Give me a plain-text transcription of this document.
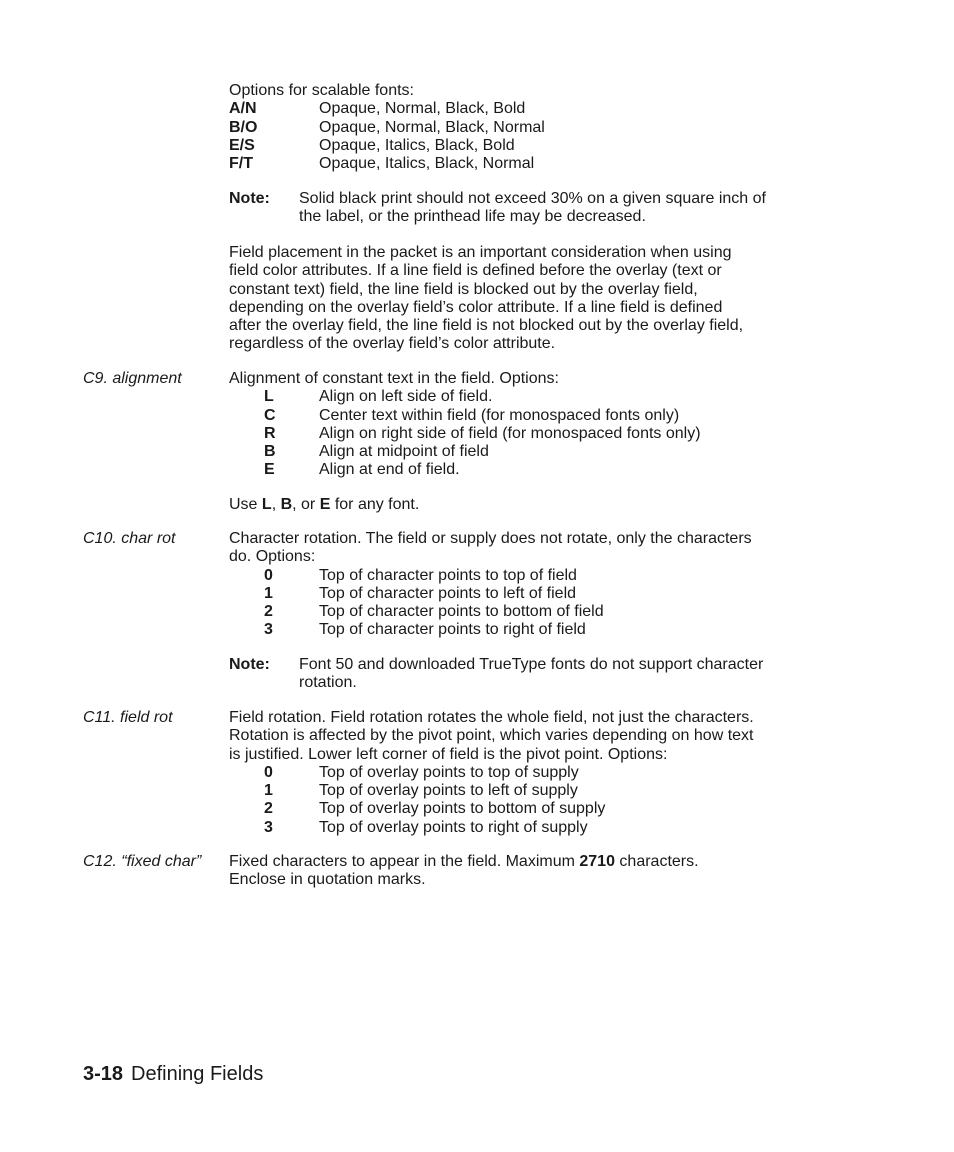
Options for scalable fonts:
A/N	Opaque, Normal, Black, Bold
B/O	Opaque, Normal, Black, Normal
E/S	Opaque, Italics, Black, Bold
F/T	Opaque, Italics, Black, Normal
Note:	Solid black print should not exceed 30% on a given square inch of
the label, or the printhead life may be decreased.
Field placement in the packet is an important consideration when using
field color attributes. If a line field is defined before the overlay (text or
constant text) field, the line field is blocked out by the overlay field,
depending on the overlay field’s color attribute. If a line field is defined
after the overlay field, the line field is not blocked out by the overlay field,
regardless of the overlay field’s color attribute.
C9. alignment	Alignment of constant text in the field. Options:
L	Align on left side of field.
C	Center text within field (for monospaced fonts only)
R	Align on right side of field (for monospaced fonts only)
B	Align at midpoint of field
E	Align at end of field.
Use L, B, or E for any font.
C10. char rot	Character rotation. The field or supply does not rotate, only the characters
do. Options:
0	Top of character points to top of field
1	Top of character points to left of field
2	Top of character points to bottom of field
3	Top of character points to right of field
Note:	Font 50 and downloaded TrueType fonts do not support character
rotation.
C11. field rot	Field rotation. Field rotation rotates the whole field, not just the characters.
Rotation is affected by the pivot point, which varies depending on how text
is justified. Lower left corner of field is the pivot point. Options:
0	Top of overlay points to top of supply
1	Top of overlay points to left of supply
2	Top of overlay points to bottom of supply
3	Top of overlay points to right of supply
C12. “fixed char” Fixed characters to appear in the field. Maximum 2710 characters.
Enclose in quotation marks.
3-18 Defining Fields
